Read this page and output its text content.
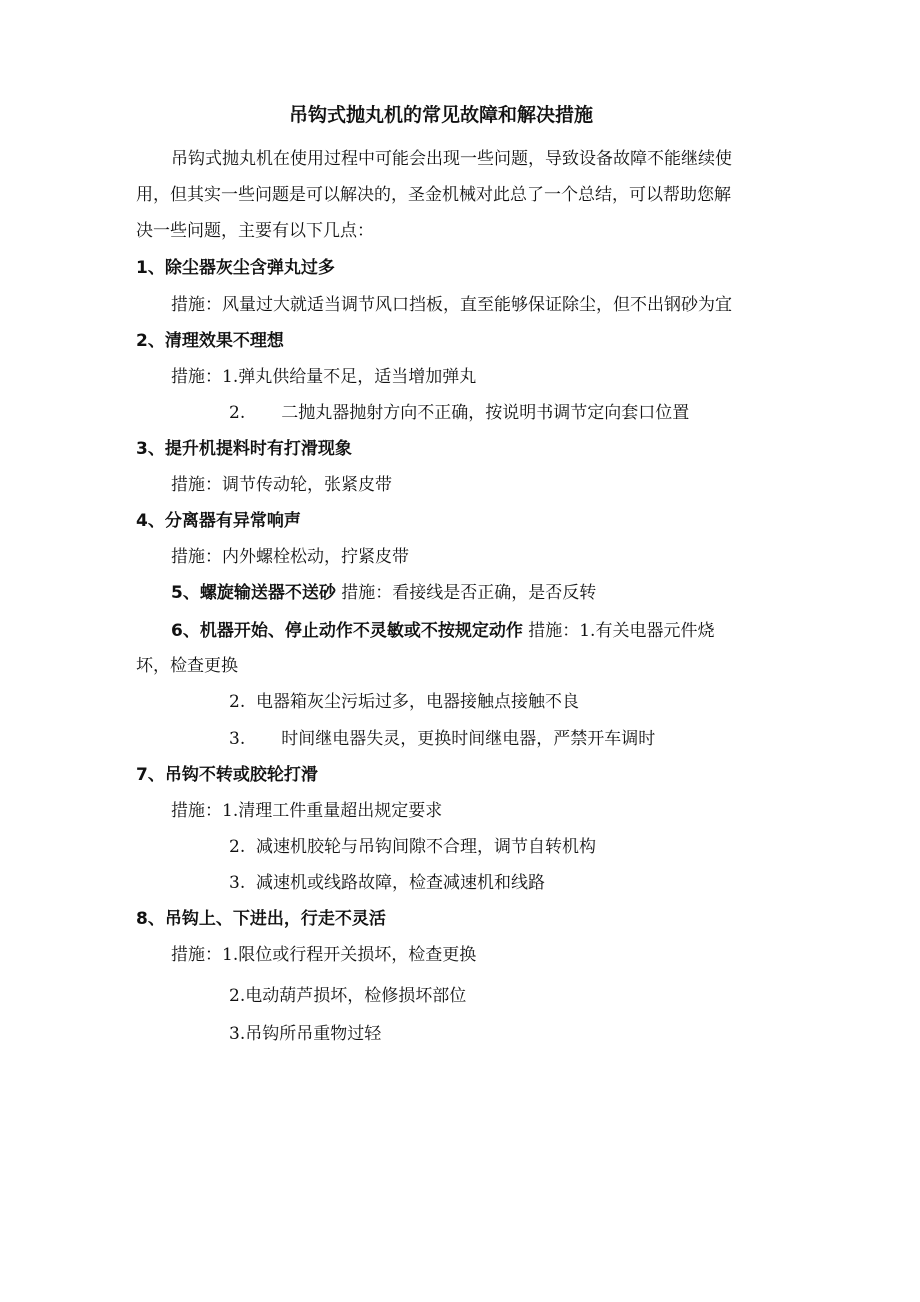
吊钩式抛丸机的常见故障和解决措施
吊钩式抛丸机在使用过程中可能会出现一些问题，导致设备故障不能继续使
用，但其实一些问题是可以解决的，圣金机械对此总了一个总结，可以帮助您解
决一些问题，主要有以下几点：
1、除尘器灰尘含弹丸过多
措施：风量过大就适当调节风口挡板，直至能够保证除尘，但不出钢砂为宜
2、清理效果不理想
措施：1.弹丸供给量不足，适当增加弹丸
2. 二抛丸器抛射方向不正确，按说明书调节定向套口位置
3、提升机提料时有打滑现象
措施：调节传动轮，张紧皮带
4、分离器有异常响声
措施：内外螺栓松动，拧紧皮带
5、螺旋输送器不送砂 措施：看接线是否正确，是否反转
6、机器开始、停止动作不灵敏或不按规定动作 措施：1.有关电器元件烧
坏，检查更换
2.  电器箱灰尘污垢过多，电器接触点接触不良
3. 时间继电器失灵，更换时间继电器，严禁开车调时
7、吊钩不转或胶轮打滑
措施：1.清理工件重量超出规定要求
2.  减速机胶轮与吊钩间隙不合理，调节自转机构
3.  减速机或线路故障，检查减速机和线路
8、吊钩上、下进出，行走不灵活
措施：1.限位或行程开关损坏，检查更换
2.电动葫芦损坏，检修损坏部位
3.吊钩所吊重物过轻
